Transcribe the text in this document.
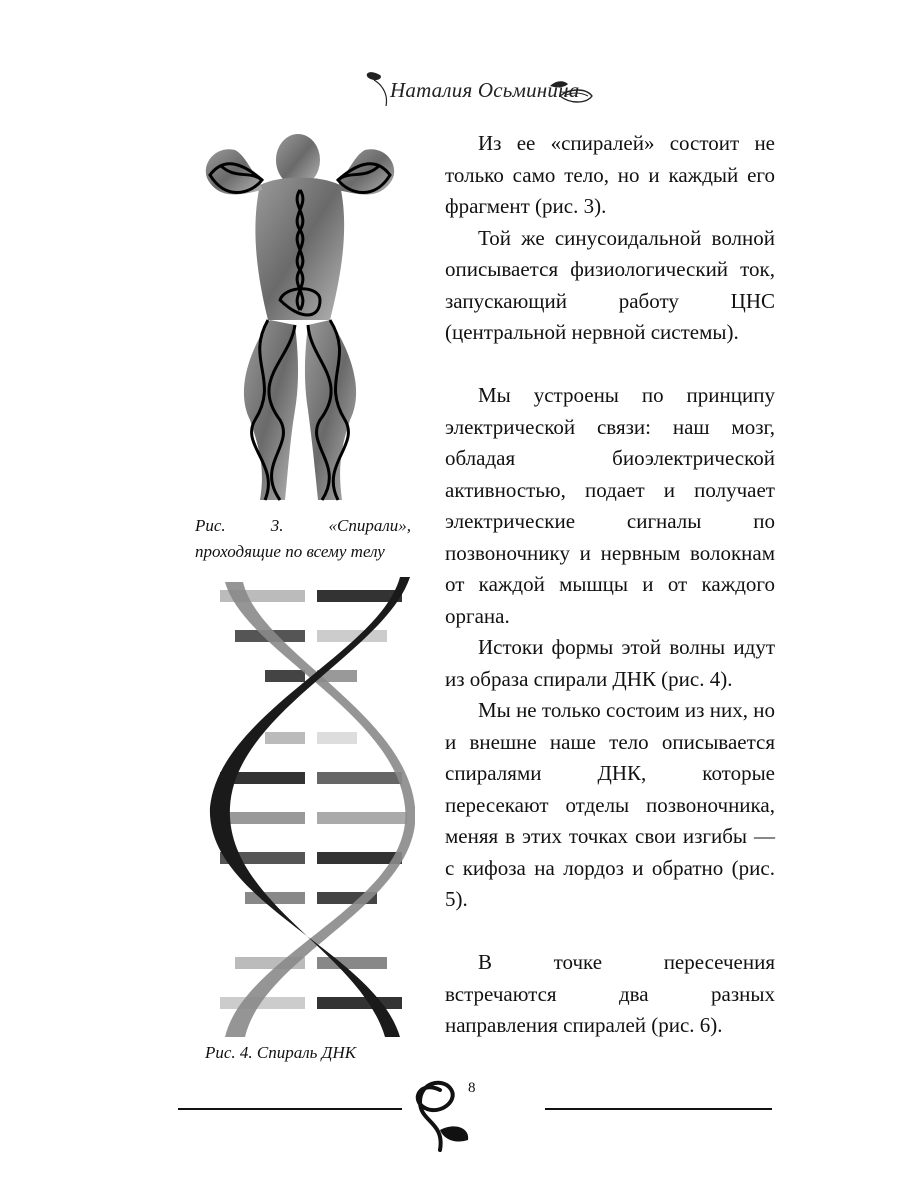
Наталия Осьминина
Рис. 3. «Спирали», проходящие по всему телу
Рис. 4. Спираль ДНК

Из ее «спиралей» состоит не только само тело, но и каждый его фрагмент (рис. 3).

Той же синусоидальной волной описывается физиологический ток, запускающий работу ЦНС (центральной нервной системы).

Мы устроены по принципу электрической связи: наш мозг, обладая биоэлектрической активностью, подает и получает электрические сигналы по позвоночнику и нервным волокнам от каждой мышцы и от каждого органа.

Истоки формы этой волны идут из образа спирали ДНК (рис. 4).

Мы не только состоим из них, но и внешне наше тело описывается спиралями ДНК, которые пересекают отделы позвоночника, меняя в этих точках свои изгибы — с кифоза на лордоз и обратно (рис. 5).

В точке пересечения встречаются два разных направления спиралей (рис. 6).

8
